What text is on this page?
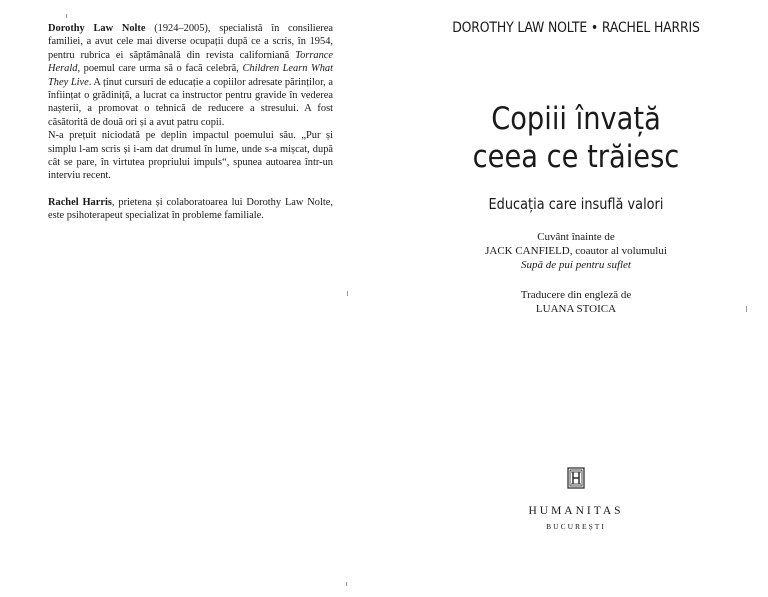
Dorothy Law Nolte (1924–2005), specialistă în consilierea familiei, a avut cele mai diverse ocupații după ce a scris, în 1954, pentru rubrica ei săptămânală din revista californiană Torrance Herald, poemul care urma să o facă celebră, Children Learn What They Live. A ținut cursuri de educație a copiilor adresate părinților, a înființat o grădiniță, a lucrat ca instructor pentru gravide în vederea nașterii, a promovat o tehnică de reducere a stresului. A fost căsătorită de două ori și a avut patru copii.

N-a prețuit niciodată pe deplin impactul poemului său. „Pur și simplu l-am scris și i-am dat drumul în lume, unde s-a mișcat, după cât se pare, în virtutea propriului impuls“, spunea autoarea într-un interviu recent.

Rachel Harris, prietena și colaboratoarea lui Dorothy Law Nolte, este psihoterapeut specializat în probleme familiale.

DOROTHY LAW NOLTE • RACHEL HARRIS
Copiii învață
ceea ce trăiesc
Educația care insuflă valori
Cuvânt înainte de
JACK CANFIELD, coautor al volumului
Supă de pui pentru suflet
Traducere din engleză de
LUANA STOICA
HUMANITAS
BUCUREȘTI
